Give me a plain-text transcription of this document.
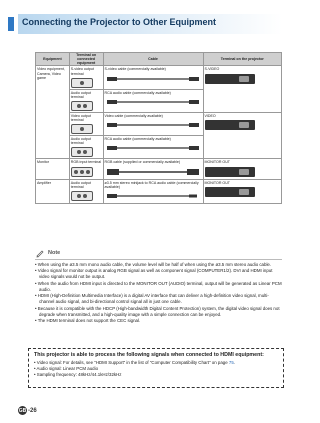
Connecting the Projector to Other Equipment
Equipment	Terminal on connected equipment	Cable	Terminal on the projector
Video equipment, Camera, Video game	S-video output terminal	S-video cable (commercially available)	S-VIDEO

	Audio output terminal	RCA audio cable (commercially available)	

	Video output terminal	Video cable (commercially available)	VIDEO

	Audio output terminal	RCA audio cable (commercially available)	

Monitor	RGB input terminal	RGB cable (supplied or commercially available)	MONITOR OUT

Amplifier	Audio output terminal	ø3.5 mm stereo minijack to RCA audio cable (commercially available)	MONITOR OUT
Note
• When using the ø3.5 mm mono audio cable, the volume level will be half of when using the ø3.5 mm stereo audio cable.
• Video signal for monitor output is analog RGB signal as well as component signal (COMPUTER1/2). DVI and HDMI input video signals would not be output.
• When the audio from HDMI input is directed to the MONITOR OUT (AUDIO) terminal, output will be generated as Linear PCM audio.
• HDMI (High-Definition Multimedia Interface) is a digital AV interface that can deliver a high-definition video signal, multi-channel audio signal, and bi-directional control signal all in just one cable.
• Because it is compatible with the HDCP (High-bandwidth Digital Content Protection) system, the digital video signal does not degrade when transmitted, and a high-quality image with a simple connection can be enjoyed.
• The HDMI terminal does not support the CEC signal.
This projector is able to process the following signals when connected to HDMI equipment:
• Video signal: For details, see "HDMI Support" in the list of "Computer Compatibility Chart" on page 75.
• Audio signal: Linear PCM audio
• Sampling frequency: 48kHz/44.1kHz/32kHz
GB -26
